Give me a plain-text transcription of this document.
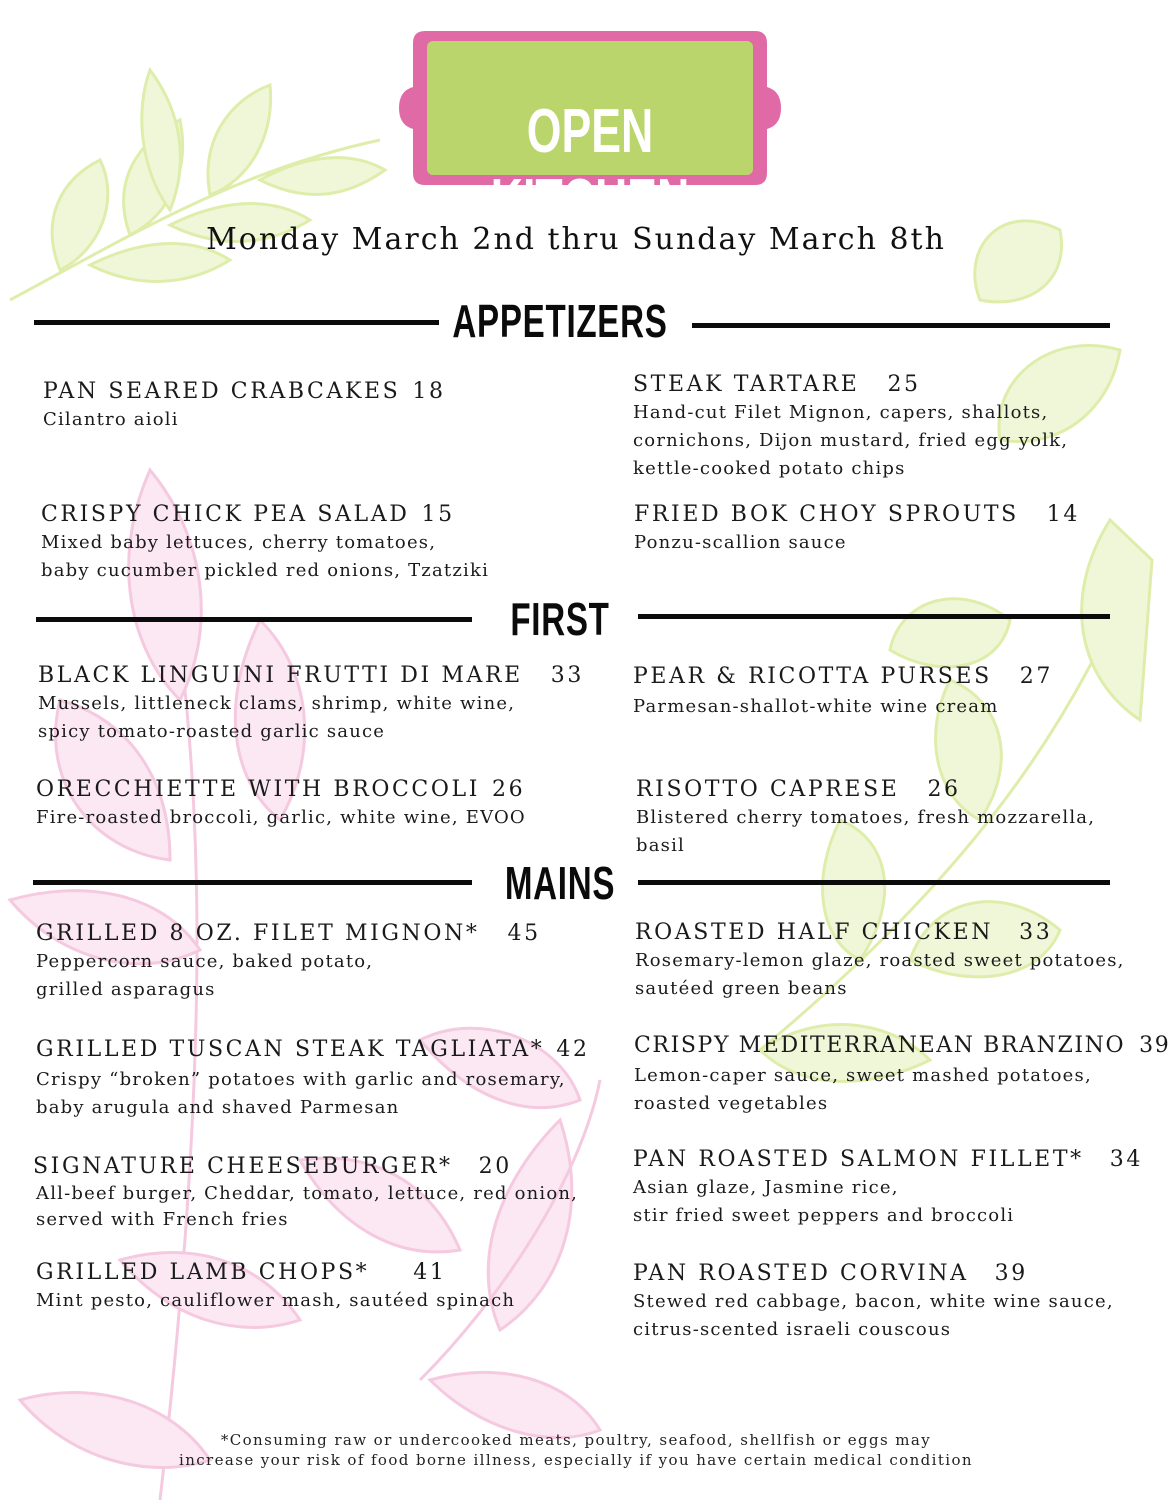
OPEN KITCHEN
Monday March 2nd thru Sunday March 8th
APPETIZERS
PAN SEARED CRABCAKES 18
Cilantro aioli
STEAK TARTARE 25
Hand-cut Filet Mignon, capers, shallots,
cornichons, Dijon mustard, fried egg yolk,
kettle-cooked potato chips
CRISPY CHICK PEA SALAD 15
Mixed baby lettuces, cherry tomatoes,
baby cucumber pickled red onions, Tzatziki
FRIED BOK CHOY SPROUTS 14
Ponzu-scallion sauce
FIRST
BLACK LINGUINI FRUTTI DI MARE 33
Mussels, littleneck clams, shrimp, white wine,
spicy tomato-roasted garlic sauce
PEAR & RICOTTA PURSES 27
Parmesan-shallot-white wine cream
ORECCHIETTE WITH BROCCOLI 26
Fire-roasted broccoli, garlic, white wine, EVOO
RISOTTO CAPRESE 26
Blistered cherry tomatoes, fresh mozzarella,
basil
MAINS
GRILLED 8 OZ. FILET MIGNON* 45
Peppercorn sauce, baked potato,
grilled asparagus
ROASTED HALF CHICKEN 33
Rosemary-lemon glaze, roasted sweet potatoes,
sautéed green beans
GRILLED TUSCAN STEAK TAGLIATA* 42
Crispy “broken” potatoes with garlic and rosemary,
baby arugula and shaved Parmesan
CRISPY MEDITERRANEAN BRANZINO 39
Lemon-caper sauce, sweet mashed potatoes,
roasted vegetables
SIGNATURE CHEESEBURGER* 20
All-beef burger, Cheddar, tomato, lettuce, red onion,
served with French fries
PAN ROASTED SALMON FILLET* 34
Asian glaze, Jasmine rice,
stir fried sweet peppers and broccoli
GRILLED LAMB CHOPS* 41
Mint pesto, cauliflower mash, sautéed spinach
PAN ROASTED CORVINA 39
Stewed red cabbage, bacon, white wine sauce,
citrus-scented israeli couscous
*Consuming raw or undercooked meats, poultry, seafood, shellfish or eggs may
increase your risk of food borne illness, especially if you have certain medical condition
